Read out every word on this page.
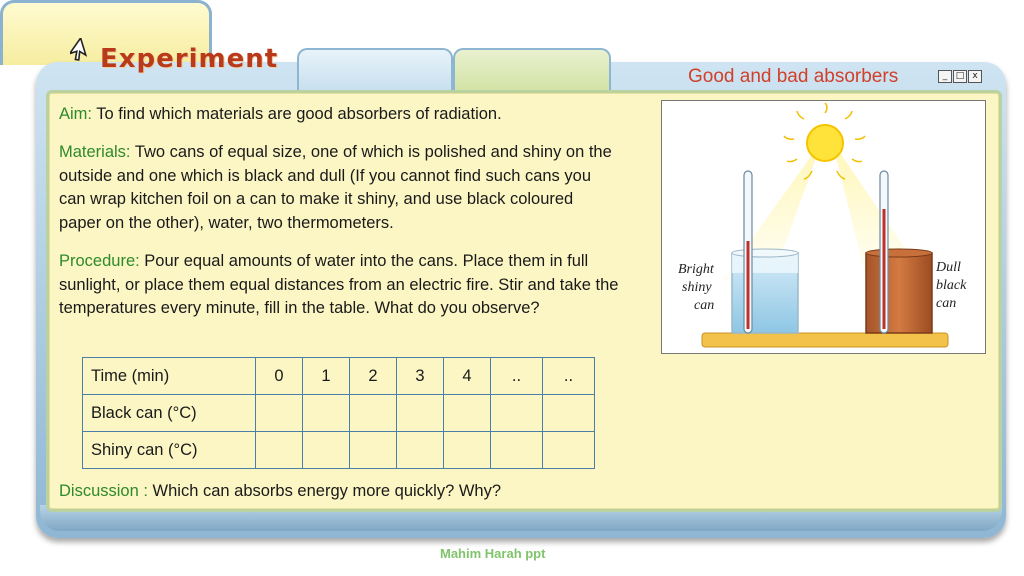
Experiment
Good and bad absorbers	_ □ x
Aim: To find which materials are good absorbers of radiation.
Materials: Two cans of equal size, one of which is polished and shiny on the outside and one which is black and dull (If you cannot find such cans you can wrap kitchen foil on a can to make it shiny, and use black coloured paper on the other), water, two thermometers.
Procedure: Pour equal amounts of water into the cans. Place them in full sunlight, or place them equal distances from an electric fire. Stir and take the temperatures every minute, fill in the table. What do you observe?
Time (min)	0	1	2	3	4	..	..
Black can (°C)							
Shiny can (°C)							
Discussion : Which can absorbs energy more quickly? Why?
Bright
shiny
can
Dull
black
can
Mahim Harah ppt
